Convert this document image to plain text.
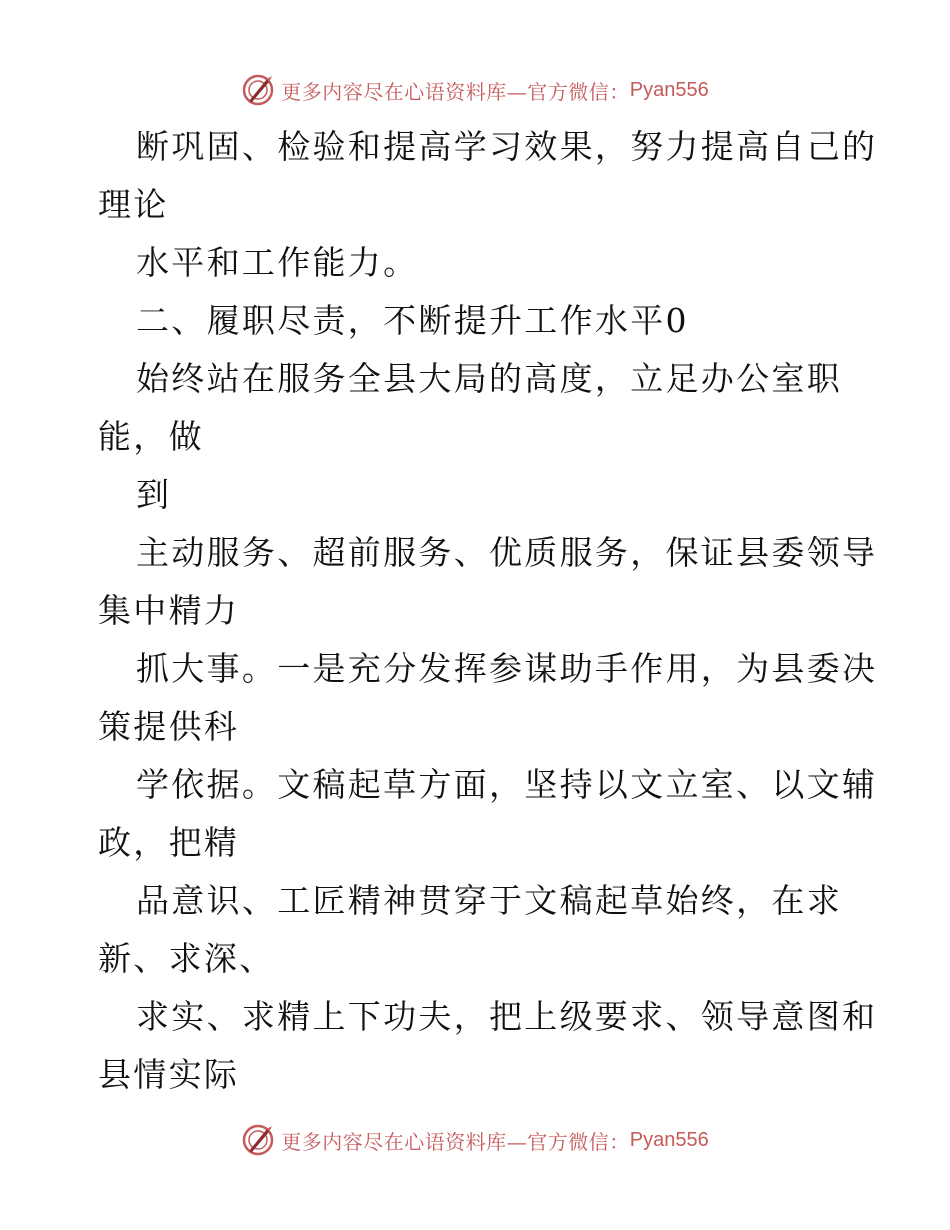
更多内容尽在心语资料库—官方微信： Pyan556
断巩固、检验和提高学习效果，努力提高自己的
理论
水平和工作能力。
二、履职尽责，不断提升工作水平0
始终站在服务全县大局的高度，立足办公室职
能，做
到
主动服务、超前服务、优质服务，保证县委领导
集中精力
抓大事。一是充分发挥参谋助手作用，为县委决
策提供科
学依据。文稿起草方面，坚持以文立室、以文辅
政，把精
品意识、工匠精神贯穿于文稿起草始终，在求
新、求深、
求实、求精上下功夫，把上级要求、领导意图和
县情实际
更多内容尽在心语资料库—官方微信： Pyan556
